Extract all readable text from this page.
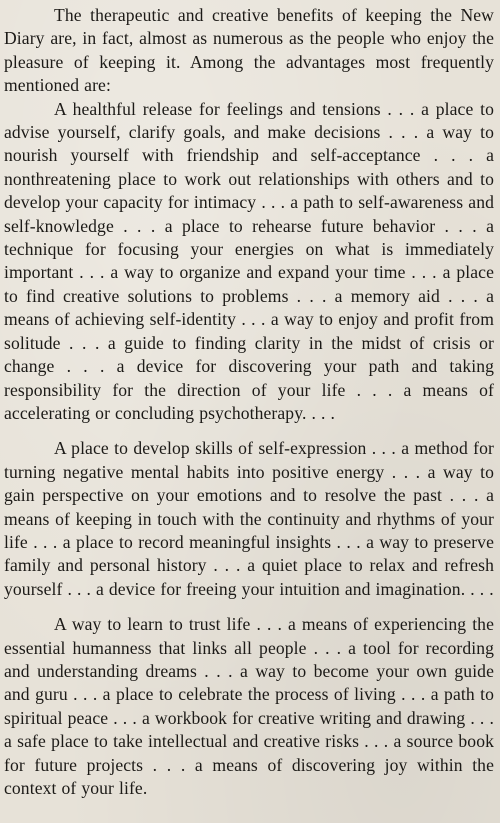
The therapeutic and creative benefits of keeping the New Diary are, in fact, almost as numerous as the people who enjoy the pleasure of keeping it. Among the advantages most frequently mentioned are:

A healthful release for feelings and tensions . . . a place to advise yourself, clarify goals, and make decisions . . . a way to nourish yourself with friendship and self-acceptance . . . a nonthreatening place to work out relationships with others and to develop your capacity for intimacy . . . a path to self-awareness and self-knowledge . . . a place to rehearse future behavior . . . a technique for focusing your energies on what is immediately important . . . a way to organize and expand your time . . . a place to find creative solutions to problems . . . a memory aid . . . a means of achieving self-identity . . . a way to enjoy and profit from solitude . . . a guide to finding clarity in the midst of crisis or change . . . a device for discovering your path and taking responsibility for the direction of your life . . . a means of accelerating or concluding psychotherapy. . . .

A place to develop skills of self-expression . . . a method for turning negative mental habits into positive energy . . . a way to gain perspective on your emotions and to resolve the past . . . a means of keeping in touch with the continuity and rhythms of your life . . . a place to record meaningful insights . . . a way to preserve family and personal history . . . a quiet place to relax and refresh yourself . . . a device for freeing your intuition and imagination. . . .

A way to learn to trust life . . . a means of experiencing the essential humanness that links all people . . . a tool for recording and understanding dreams . . . a way to become your own guide and guru . . . a place to celebrate the process of living . . . a path to spiritual peace . . . a workbook for creative writing and drawing . . . a safe place to take intellectual and creative risks . . . a source book for future projects . . . a means of discovering joy within the context of your life.
